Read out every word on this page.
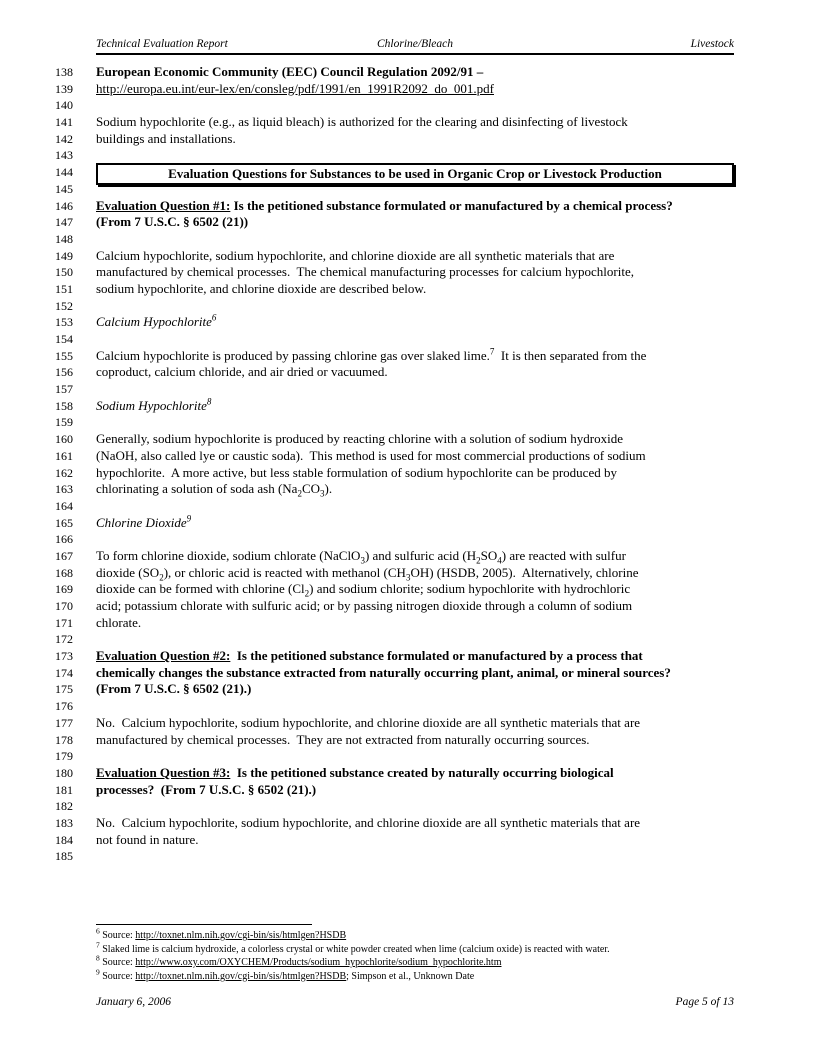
Technical Evaluation Report	Chlorine/Bleach	Livestock
138	European Economic Community (EEC) Council Regulation 2092/91 –
139	http://europa.eu.int/eur-lex/en/consleg/pdf/1991/en_1991R2092_do_001.pdf
140
141	Sodium hypochlorite (e.g., as liquid bleach) is authorized for the clearing and disinfecting of livestock
142	buildings and installations.
143
144	Evaluation Questions for Substances to be used in Organic Crop or Livestock Production
145
146	Evaluation Question #1: Is the petitioned substance formulated or manufactured by a chemical process?
147	(From 7 U.S.C. § 6502 (21))
148
149	Calcium hypochlorite, sodium hypochlorite, and chlorine dioxide are all synthetic materials that are
150	manufactured by chemical processes.  The chemical manufacturing processes for calcium hypochlorite,
151	sodium hypochlorite, and chlorine dioxide are described below.
152
153	Calcium Hypochlorite$^6$
154
155	Calcium hypochlorite is produced by passing chlorine gas over slaked lime.$^7$  It is then separated from the
156	coproduct, calcium chloride, and air dried or vacuumed.
157
158	Sodium Hypochlorite$^8$
159
160	Generally, sodium hypochlorite is produced by reacting chlorine with a solution of sodium hydroxide
161	(NaOH, also called lye or caustic soda).  This method is used for most commercial productions of sodium
162	hypochlorite.  A more active, but less stable formulation of sodium hypochlorite can be produced by
163	chlorinating a solution of soda ash $(Na_2CO_3)$.
164
165	Chlorine Dioxide$^9$
166
167	To form chlorine dioxide, sodium chlorate (NaClO$_3$) and sulfuric acid $(H_2SO_4)$ are reacted with sulfur
168	dioxide $(SO_2)$, or chloric acid is reacted with methanol $(CH_3OH)$ (HSDB, 2005).  Alternatively, chlorine
169	dioxide can be formed with chlorine $(Cl_2)$ and sodium chlorite; sodium hypochlorite with hydrochloric
170	acid; potassium chlorate with sulfuric acid; or by passing nitrogen dioxide through a column of sodium
171	chlorate.
172
173	Evaluation Question #2:  Is the petitioned substance formulated or manufactured by a process that
174	chemically changes the substance extracted from naturally occurring plant, animal, or mineral sources?
175	(From 7 U.S.C. § 6502 (21).)
176
177	No.  Calcium hypochlorite, sodium hypochlorite, and chlorine dioxide are all synthetic materials that are
178	manufactured by chemical processes.  They are not extracted from naturally occurring sources.
179
180	Evaluation Question #3:  Is the petitioned substance created by naturally occurring biological
181	processes?  (From 7 U.S.C. § 6502 (21).)
182
183	No.  Calcium hypochlorite, sodium hypochlorite, and chlorine dioxide are all synthetic materials that are
184	not found in nature.
185
$^6$ Source: http://toxnet.nlm.nih.gov/cgi-bin/sis/htmlgen?HSDB
$^7$ Slaked lime is calcium hydroxide, a colorless crystal or white powder created when lime (calcium oxide) is reacted with water.
$^8$ Source: http://www.oxy.com/OXYCHEM/Products/sodium_hypochlorite/sodium_hypochlorite.htm
$^9$ Source: http://toxnet.nlm.nih.gov/cgi-bin/sis/htmlgen?HSDB; Simpson et al., Unknown Date
January 6, 2006	Page 5 of 13
